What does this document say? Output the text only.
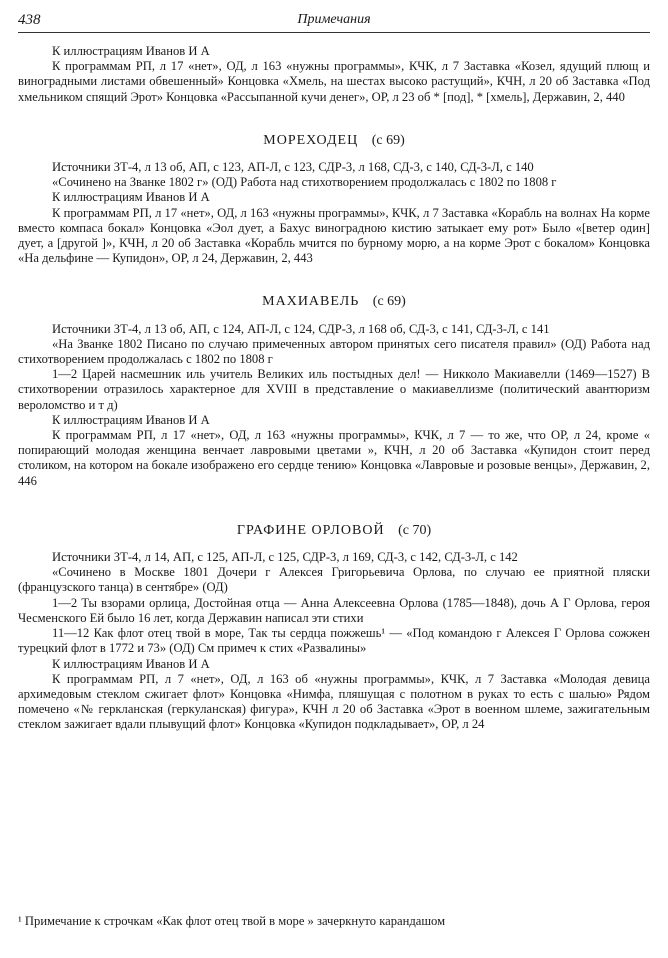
438	Примечания

К иллюстрациям Иванов И А

К программам РП, л 17 «нет», ОД, л 163 «нужны программы», КЧК, л 7 Заставка «Козел, ядущий плющ и виноградными листами обвешенный» Концовка «Хмель, на шестах высоко растущий», КЧН, л 20 об Заставка «Под хмельником спящий Эрот» Концовка «Рассыпанной кучи денег», ОР, л 23 об * [под], * [хмель], Державин, 2, 440

МОРЕХОДЕЦ (с 69)

Источники ЗТ-4, л 13 об, АП, с 123, АП-Л, с 123, СДР-3, л 168, СД-3, с 140, СД-3-Л, с 140

«Сочинено на Званке 1802 г» (ОД) Работа над стихотворением продолжалась с 1802 по 1808 г

К иллюстрациям Иванов И А

К программам РП, л 17 «нет», ОД, л 163 «нужны программы», КЧК, л 7 Заставка «Корабль на волнах На корме вместо компаса бокал» Концовка «Эол дует, а Бахус виноградною кистию затыкает ему рот» Было «[ветер один] дует, а [другой ]», КЧН, л 20 об Заставка «Корабль мчится по бурному морю, а на корме Эрот с бокалом» Концовка «На дельфине — Купидон», ОР, л 24, Державин, 2, 443

МАХИАВЕЛЬ (с 69)

Источники ЗТ-4, л 13 об, АП, с 124, АП-Л, с 124, СДР-3, л 168 об, СД-3, с 141, СД-3-Л, с 141

«На Званке 1802 Писано по случаю примеченных автором принятых сего писателя правил» (ОД) Работа над стихотворением продолжалась с 1802 по 1808 г

1—2 Царей насмешник иль учитель Великих иль постыдных дел! — Никколо Макиавелли (1469—1527) В стихотворении отразилось характерное для XVIII в представление о макиавеллизме (политический авантюризм вероломство и т д)

К иллюстрациям Иванов И А

К программам РП, л 17 «нет», ОД, л 163 «нужны программы», КЧК, л 7 — то же, что ОР, л 24, кроме « попирающий молодая женщина венчает лавровыми цветами », КЧН, л 20 об Заставка «Купидон стоит перед столиком, на котором на бокале изображено его сердце тению» Концовка «Лавровые и розовые венцы», Державин, 2, 446

ГРАФИНЕ ОРЛОВОЙ (с 70)

Источники ЗТ-4, л 14, АП, с 125, АП-Л, с 125, СДР-3, л 169, СД-3, с 142, СД-3-Л, с 142

«Сочинено в Москве 1801 Дочери г Алексея Григорьевича Орлова, по случаю ее приятной пляски (французского танца) в сентябре» (ОД)

1—2 Ты взорами орлица, Достойная отца — Анна Алексеевна Орлова (1785—1848), дочь А Г Орлова, героя Чесменского Ей было 16 лет, когда Державин написал эти стихи

11—12 Как флот отец твой в море, Так ты сердца пожжешь¹ — «Под командою г Алексея Г Орлова сожжен турецкий флот в 1772 и 73» (ОД) См примеч к стих «Развалины»

К иллюстрациям Иванов И А

К программам РП, л 7 «нет», ОД, л 163 об «нужны программы», КЧК, л 7 Заставка «Молодая девица архимедовым стеклом сжигает флот» Концовка «Нимфа, пляшущая с полотном в руках то есть с шалью» Рядом помечено «№ геркланская (геркуланская) фигура», КЧН л 20 об Заставка «Эрот в военном шлеме, зажигательным стеклом зажигает вдали плывущий флот» Концовка «Купидон подкладывает», ОР, л 24

¹ Примечание к строчкам «Как флот отец твой в море » зачеркнуто карандашом
